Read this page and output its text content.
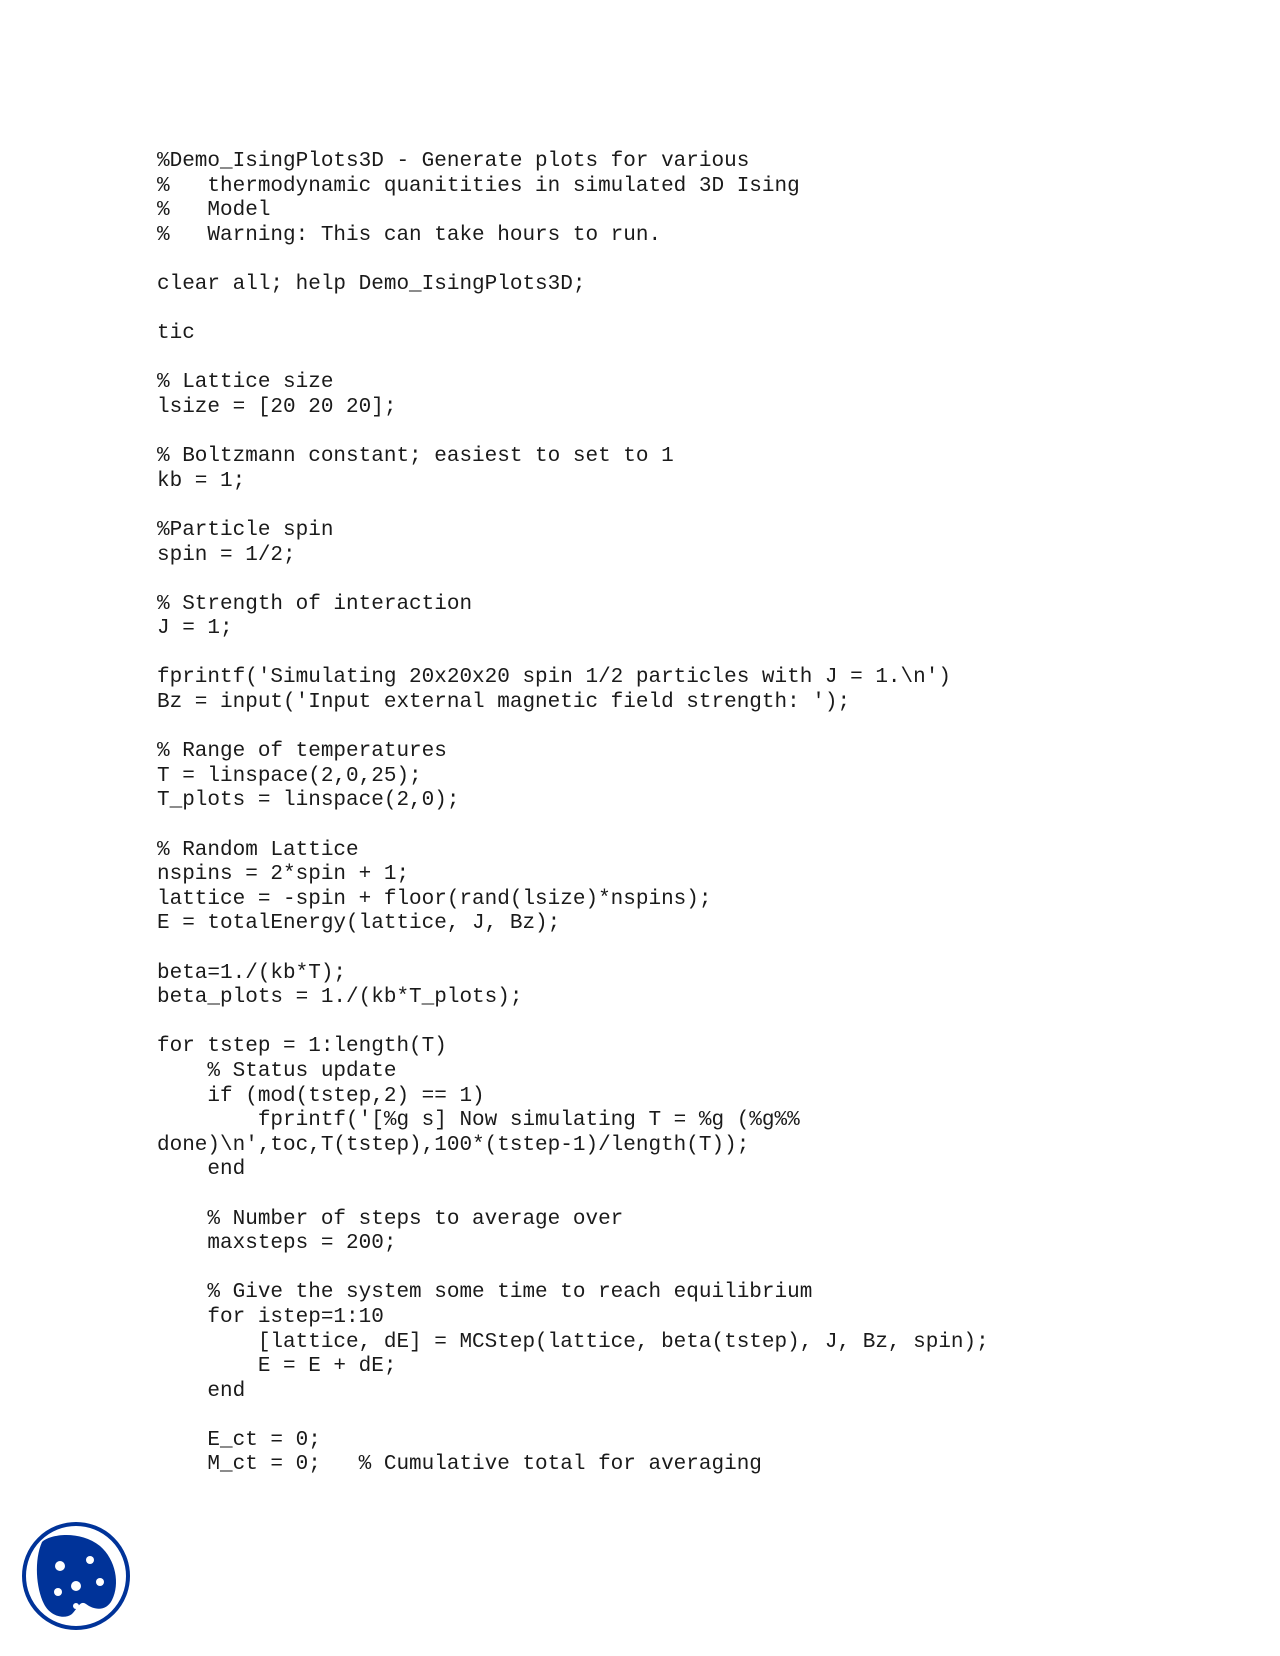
%Demo_IsingPlots3D - Generate plots for various
%   thermodynamic quanitities in simulated 3D Ising
%   Model
%   Warning: This can take hours to run.
clear all; help Demo_IsingPlots3D;
tic
% Lattice size
lsize = [20 20 20];
% Boltzmann constant; easiest to set to 1
kb = 1;
%Particle spin
spin = 1/2;
% Strength of interaction
J = 1;
fprintf('Simulating 20x20x20 spin 1/2 particles with J = 1.\n')
Bz = input('Input external magnetic field strength: ');
% Range of temperatures
T = linspace(2,0,25);
T_plots = linspace(2,0);
% Random Lattice
nspins = 2*spin + 1;
lattice = -spin + floor(rand(lsize)*nspins);
E = totalEnergy(lattice, J, Bz);
beta=1./(kb*T);
beta_plots = 1./(kb*T_plots);
for tstep = 1:length(T)
% Status update
if (mod(tstep,2) == 1)
fprintf('[%g s] Now simulating T = %g (%g%%
done)\n',toc,T(tstep),100*(tstep-1)/length(T));
end
% Number of steps to average over
maxsteps = 200;
% Give the system some time to reach equilibrium
for istep=1:10
[lattice, dE] = MCStep(lattice, beta(tstep), J, Bz, spin);
E = E + dE;
end
E_ct = 0;
M_ct = 0;   % Cumulative total for averaging
